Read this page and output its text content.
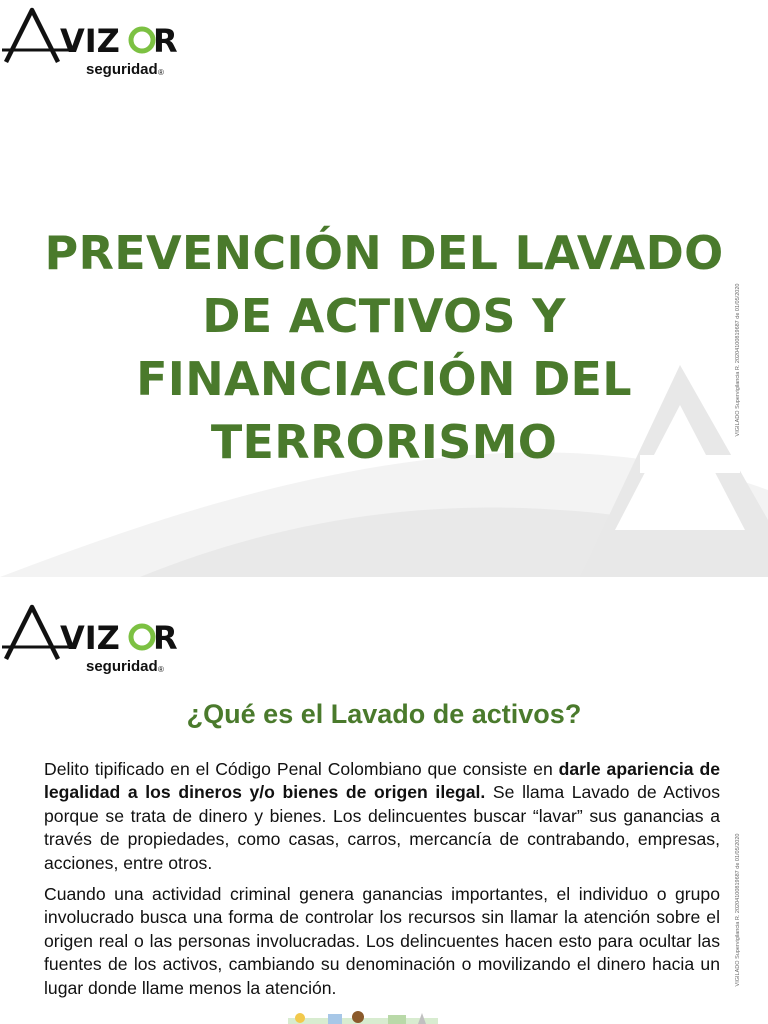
VIZ R
seguridad ®
PREVENCIÓN DEL LAVADO
DE ACTIVOS Y
FINANCIACIÓN DEL
TERRORISMO
VIGILADO Supervigilancia R. 20204100819687 de 01/05/2020
VIZ R
seguridad ®
¿Qué es el Lavado de activos?

Delito tipificado en el Código Penal Colombiano que consiste en darle apariencia de legalidad a los dineros y/o bienes de origen ilegal. Se llama Lavado de Activos porque se trata de dinero y bienes. Los delincuentes buscar “lavar” sus ganancias a través de propiedades, como casas, carros, mercancía de contrabando, empresas, acciones, entre otros.

Cuando una actividad criminal genera ganancias importantes, el individuo o grupo involucrado busca una forma de controlar los recursos sin llamar la atención sobre el origen real o las personas involucradas. Los delincuentes hacen esto para ocultar las fuentes de los activos, cambiando su denominación o movilizando el dinero hacia un lugar donde llame menos la atención.

VIGILADO Supervigilancia R. 20204100819687 de 01/05/2020
